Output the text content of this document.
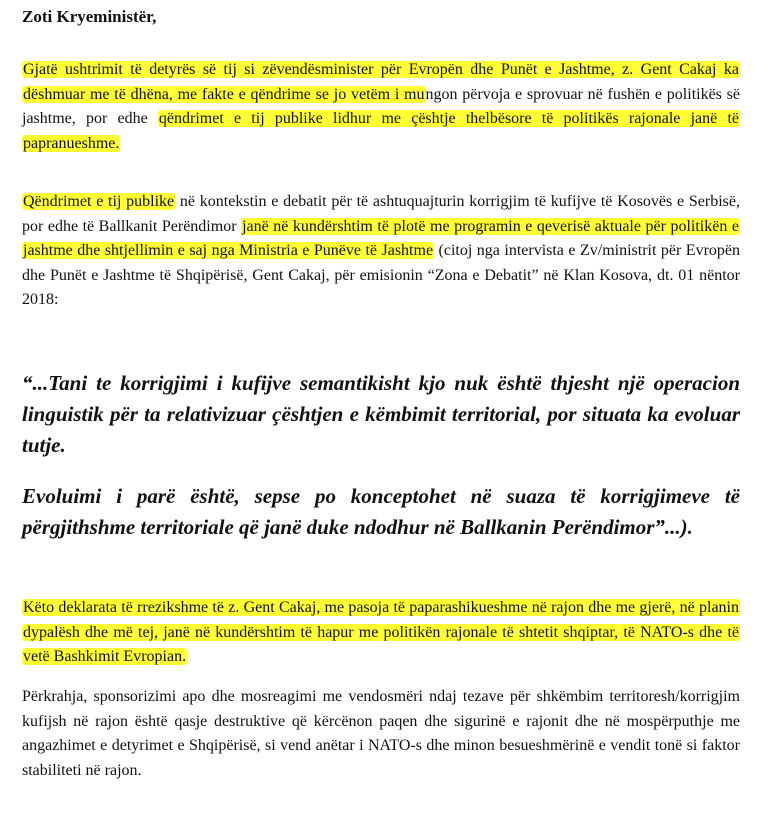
Zoti Kryeministër,

Gjatë ushtrimit të detyrës së tij si zëvendësminister për Evropën dhe Punët e Jashtme, z. Gent Cakaj ka dëshmuar me të dhëna, me fakte e qëndrime se jo vetëm i mungon përvoja e sprovuar në fushën e politikës së jashtme, por edhe qëndrimet e tij publike lidhur me çështje thelbësore të politikës rajonale janë të papranueshme.

Qëndrimet e tij publike në kontekstin e debatit për të ashtuquajturin korrigjim të kufijve të Kosovës e Serbisë, por edhe të Ballkanit Perëndimor janë në kundërshtim të plotë me programin e qeverisë aktuale për politikën e jashtme dhe shtjellimin e saj nga Ministria e Punëve të Jashtme (citoj nga intervista e Zv/ministrit për Evropën dhe Punët e Jashtme të Shqipërisë, Gent Cakaj, për emisionin “Zona e Debatit” në Klan Kosova, dt. 01 nëntor 2018:

“...Tani te korrigjimi i kufijve semantikisht kjo nuk është thjesht një operacion linguistik për ta relativizuar çështjen e këmbimit territorial, por situata ka evoluar tutje.

Evoluimi i parë është, sepse po konceptohet në suaza të korrigjimeve të përgjithshme territoriale që janë duke ndodhur në Ballkanin Perëndimor”...).

Këto deklarata të rrezikshme të z. Gent Cakaj, me pasoja të paparashikueshme në rajon dhe me gjerë, në planin dypalësh dhe më tej, janë në kundërshtim të hapur me politikën rajonale të shtetit shqiptar, të NATO-s dhe të vetë Bashkimit Evropian.

Përkrahja, sponsorizimi apo dhe mosreagimi me vendosmëri ndaj tezave për shkëmbim territoresh/korrigjim kufijsh në rajon është qasje destruktive që kërcënon paqen dhe sigurinë e rajonit dhe në mospërputhje me angazhimet e detyrimet e Shqipërisë, si vend anëtar i NATO-s dhe minon besueshmërinë e vendit tonë si faktor stabiliteti në rajon.
